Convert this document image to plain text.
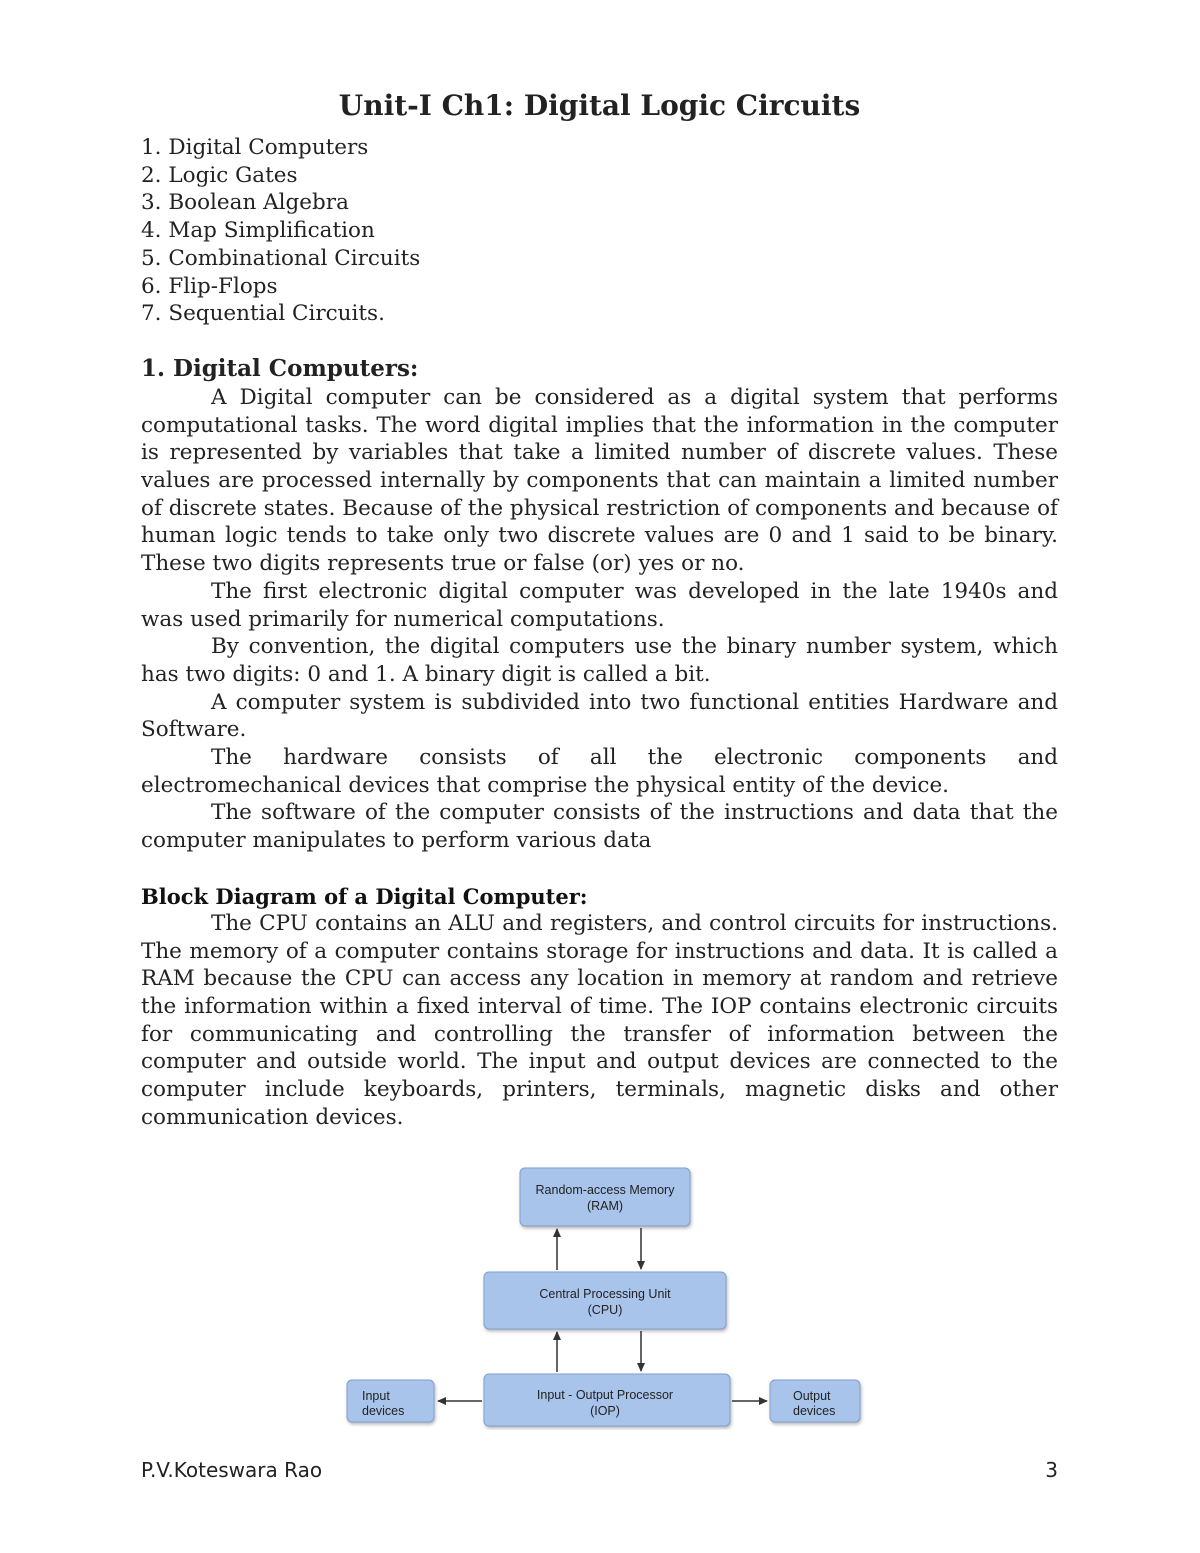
Unit-I Ch1: Digital Logic Circuits
1. Digital Computers
2. Logic Gates
3. Boolean Algebra
4. Map Simplification
5. Combinational Circuits
6. Flip-Flops
7. Sequential Circuits.
1. Digital Computers:

A Digital computer can be considered as a digital system that performs computational tasks. The word digital implies that the information in the computer is represented by variables that take a limited number of discrete values. These values are processed internally by components that can maintain a limited number of discrete states. Because of the physical restriction of components and because of human logic tends to take only two discrete values are 0 and 1 said to be binary. These two digits represents true or false (or) yes or no.

The first electronic digital computer was developed in the late 1940s and was used primarily for numerical computations.

By convention, the digital computers use the binary number system, which has two digits: 0 and 1. A binary digit is called a bit.

A computer system is subdivided into two functional entities Hardware and Software.

The hardware consists of all the electronic components and electromechanical devices that comprise the physical entity of the device.

The software of the computer consists of the instructions and data that the computer manipulates to perform various data

Block Diagram of a Digital Computer:

The CPU contains an ALU and registers, and control circuits for instructions. The memory of a computer contains storage for instructions and data. It is called a RAM because the CPU can access any location in memory at random and retrieve the information within a fixed interval of time. The IOP contains electronic circuits for communicating and controlling the transfer of information between the computer and outside world. The input and output devices are connected to the computer include keyboards, printers, terminals, magnetic disks and other communication devices.

Random-access Memory
(RAM)
Central Processing Unit
(CPU)
Input - Output Processor
(IOP)
Input
devices
Output
devices
P.V.Koteswara Rao	3
